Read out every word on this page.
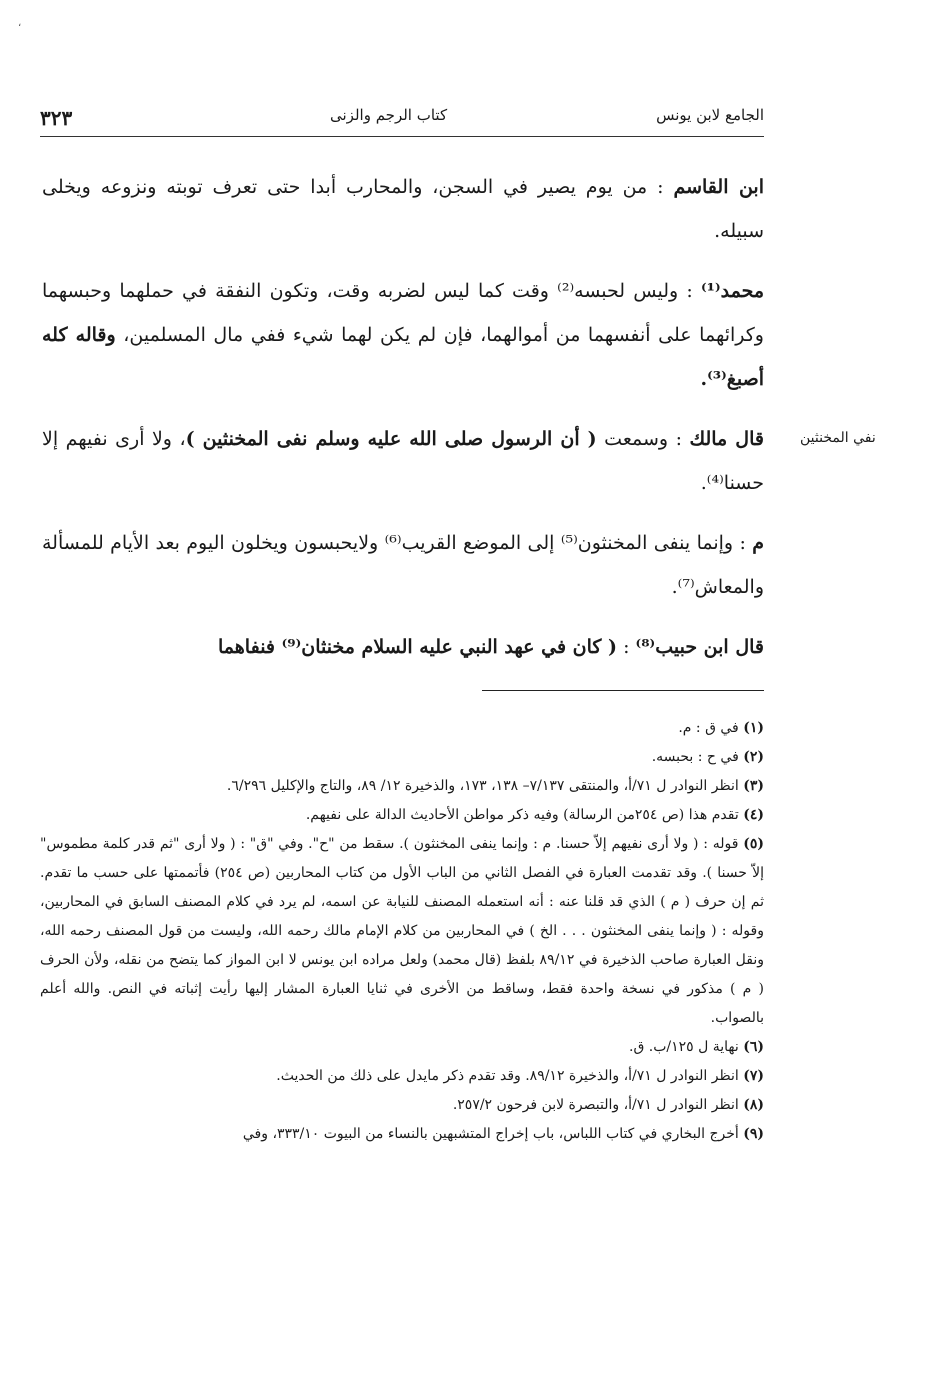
،
الجامع لابن يونس
كتاب الرجم والزنى
٣٢٣

ابن القاسم : من يوم يصير في السجن، والمحارب أبدا حتى تعرف توبته ونزوعه ويخلى سبيله.

محمد⁽¹⁾ : وليس لحبسه⁽²⁾ وقت كما ليس لضربه وقت، وتكون النفقة في حملهما وحبسهما وكرائهما على أنفسهما من أموالهما، فإن لم يكن لهما شيء ففي مال المسلمين، وقاله كله أصبغ⁽³⁾.

قال مالك : وسمعت ( أن الرسول صلى الله عليه وسلم نفى المخنثين )، ولا أرى نفيهم إلا حسنا⁽⁴⁾.

م : وإنما ينفى المخنثون⁽⁵⁾ إلى الموضع القريب⁽⁶⁾ ولايحبسون ويخلون اليوم بعد الأيام للمسألة والمعاش⁽⁷⁾.

قال ابن حبيب⁽⁸⁾ : ( كان في عهد النبي عليه السلام مخنثان⁽⁹⁾ فنفاهما

نفي المخنثين

(١) في ق : م.

(٢) في ح : بحبسه.

(٣) انظر النوادر ل ٧١/أ، والمنتقى ٧/١٣٧– ١٣٨، ١٧٣، والذخيرة ١٢/ ٨٩، والتاج والإكليل ٦/٢٩٦.

(٤) تقدم هذا (ص ٢٥٤من الرسالة) وفيه ذكر مواطن الأحاديث الدالة على نفيهم.

(٥) قوله : ( ولا أرى نفيهم إلاّ حسنا. م : وإنما ينفى المخنثون ). سقط من "ح". وفي "ق" : ( ولا أرى "ثم قدر كلمة مطموس" إلاّ حسنا ). وقد تقدمت العبارة في الفصل الثاني من الباب الأول من كتاب المحاربين (ص ٢٥٤) فأتممتها على حسب ما تقدم. ثم إن حرف ( م ) الذي قد قلنا عنه : أنه استعمله المصنف للنيابة عن اسمه، لم يرد في كلام المصنف السابق في المحاربين، وقوله : ( وإنما ينفى المخنثون . . . الخ ) في المحاربين من كلام الإمام مالك رحمه الله، وليست من قول المصنف رحمه الله، ونقل العبارة صاحب الذخيرة في ٨٩/١٢ بلفظ (قال محمد) ولعل مراده ابن يونس لا ابن المواز كما يتضح من نقله، ولأن الحرف ( م ) مذكور في نسخة واحدة فقط، وساقط من الأخرى في ثنايا العبارة المشار إليها رأيت إثباته في النص. والله أعلم بالصواب.

(٦) نهاية ل ١٢٥/ب. ق.

(٧) انظر النوادر ل ٧١/أ، والذخيرة ٨٩/١٢. وقد تقدم ذكر مايدل على ذلك من الحديث.

(٨) انظر النوادر ل ٧١/أ، والتبصرة لابن فرحون ٢٥٧/٢.

(٩) أخرج البخاري في كتاب اللباس، باب إخراج المتشبهين بالنساء من البيوت ٣٣٣/١٠، وفي
